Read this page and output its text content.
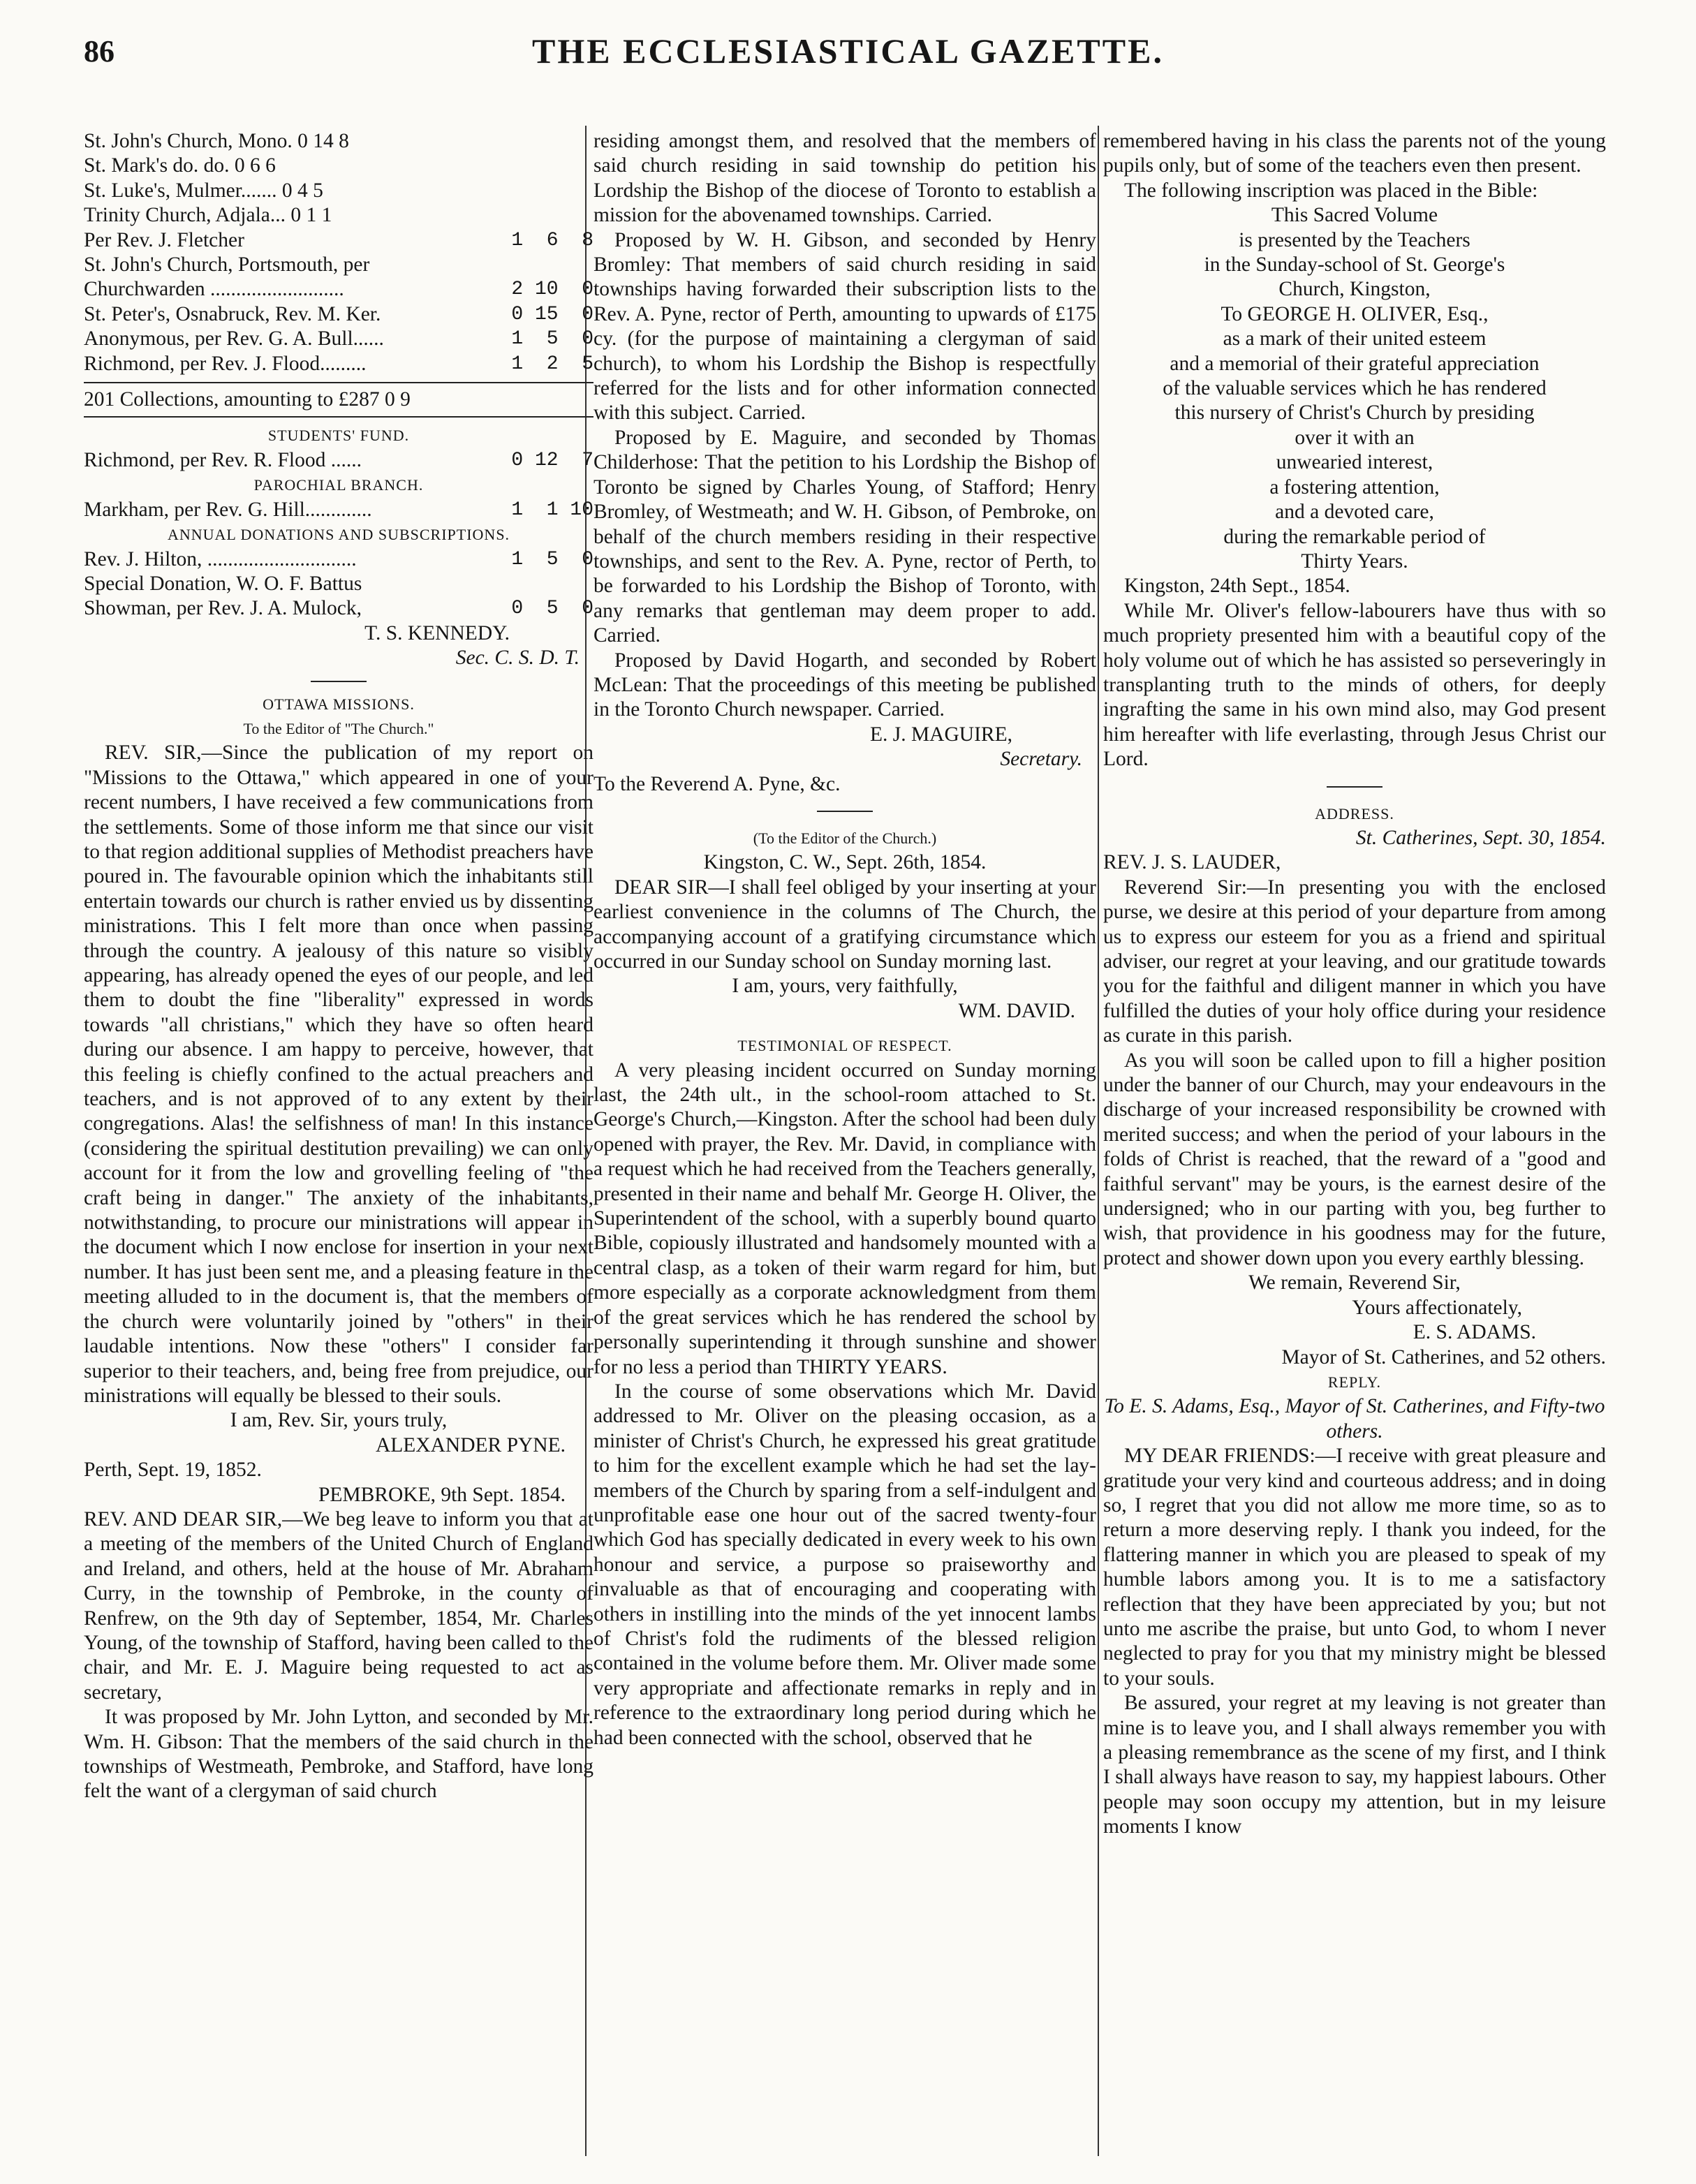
86	THE ECCLESIASTICAL GAZETTE.
St. John's Church, Mono. 0 14 8
St. Mark's do. do. 0 6 6
St. Luke's, Mulmer....... 0 4 5
Trinity Church, Adjala... 0 1 1
Per Rev. J. Fletcher	1  6  8
St. John's Church, Portsmouth, per
Churchwarden ..........................	2 10  0
St. Peter's, Osnabruck, Rev. M. Ker.	0 15  0
Anonymous, per Rev. G. A. Bull......	1  5  0
Richmond, per Rev. J. Flood.........	1  2  5

201 Collections, amounting to £287 0 9

STUDENTS' FUND.
Richmond, per Rev. R. Flood ......	0 12  7
PAROCHIAL BRANCH.
Markham, per Rev. G. Hill.............	1  1 10
ANNUAL DONATIONS AND SUBSCRIPTIONS.
Rev. J. Hilton, .............................	1  5  0
Special Donation, W. O. F. Battus
Showman, per Rev. J. A. Mulock,	0  5  0

T. S. KENNEDY.

Sec. C. S. D. T.

OTTAWA MISSIONS.
To the Editor of "The Church."

REV. SIR,—Since the publication of my report on "Missions to the Ottawa," which appeared in one of your recent numbers, I have received a few communications from the settlements. Some of those inform me that since our visit to that region additional supplies of Methodist preachers have poured in. The favourable opinion which the inhabitants still entertain towards our church is rather envied us by dissenting ministrations. This I felt more than once when passing through the country. A jealousy of this nature so visibly appearing, has already opened the eyes of our people, and led them to doubt the fine "liberality" expressed in words towards "all christians," which they have so often heard during our absence. I am happy to perceive, however, that this feeling is chiefly confined to the actual preachers and teachers, and is not approved of to any extent by their congregations. Alas! the selfishness of man! In this instance (considering the spiritual destitution prevailing) we can only account for it from the low and grovelling feeling of "the craft being in danger." The anxiety of the inhabitants, notwithstanding, to procure our ministrations will appear in the document which I now enclose for insertion in your next number. It has just been sent me, and a pleasing feature in the meeting alluded to in the document is, that the members of the church were voluntarily joined by "others" in their laudable intentions. Now these "others" I consider far superior to their teachers, and, being free from prejudice, our ministrations will equally be blessed to their souls.

I am, Rev. Sir, yours truly,

ALEXANDER PYNE.

Perth, Sept. 19, 1852.

PEMBROKE, 9th Sept. 1854.

REV. AND DEAR SIR,—We beg leave to inform you that at a meeting of the members of the United Church of England and Ireland, and others, held at the house of Mr. Abraham Curry, in the township of Pembroke, in the county of Renfrew, on the 9th day of September, 1854, Mr. Charles Young, of the township of Stafford, having been called to the chair, and Mr. E. J. Maguire being requested to act as secretary,

It was proposed by Mr. John Lytton, and seconded by Mr. Wm. H. Gibson: That the members of the said church in the townships of Westmeath, Pembroke, and Stafford, have long felt the want of a clergyman of said church

residing amongst them, and resolved that the members of said church residing in said township do petition his Lordship the Bishop of the diocese of Toronto to establish a mission for the abovenamed townships. Carried.

Proposed by W. H. Gibson, and seconded by Henry Bromley: That members of said church residing in said townships having forwarded their subscription lists to the Rev. A. Pyne, rector of Perth, amounting to upwards of £175 cy. (for the purpose of maintaining a clergyman of said church), to whom his Lordship the Bishop is respectfully referred for the lists and for other information connected with this subject. Carried.

Proposed by E. Maguire, and seconded by Thomas Childerhose: That the petition to his Lordship the Bishop of Toronto be signed by Charles Young, of Stafford; Henry Bromley, of Westmeath; and W. H. Gibson, of Pembroke, on behalf of the church members residing in their respective townships, and sent to the Rev. A. Pyne, rector of Perth, to be forwarded to his Lordship the Bishop of Toronto, with any remarks that gentleman may deem proper to add. Carried.

Proposed by David Hogarth, and seconded by Robert McLean: That the proceedings of this meeting be published in the Toronto Church newspaper. Carried.

E. J. MAGUIRE,

Secretary.

To the Reverend A. Pyne, &c.

(To the Editor of the Church.)

Kingston, C. W., Sept. 26th, 1854.

DEAR SIR—I shall feel obliged by your inserting at your earliest convenience in the columns of The Church, the accompanying account of a gratifying circumstance which occurred in our Sunday school on Sunday morning last.

I am, yours, very faithfully,

WM. DAVID.

TESTIMONIAL OF RESPECT.

A very pleasing incident occurred on Sunday morning last, the 24th ult., in the school-room attached to St. George's Church,—Kingston. After the school had been duly opened with prayer, the Rev. Mr. David, in compliance with a request which he had received from the Teachers generally, presented in their name and behalf Mr. George H. Oliver, the Superintendent of the school, with a superbly bound quarto Bible, copiously illustrated and handsomely mounted with a central clasp, as a token of their warm regard for him, but more especially as a corporate acknowledgment from them of the great services which he has rendered the school by personally superintending it through sunshine and shower for no less a period than THIRTY YEARS.

In the course of some observations which Mr. David addressed to Mr. Oliver on the pleasing occasion, as a minister of Christ's Church, he expressed his great gratitude to him for the excellent example which he had set the lay-members of the Church by sparing from a self-indulgent and unprofitable ease one hour out of the sacred twenty-four which God has specially dedicated in every week to his own honour and service, a purpose so praiseworthy and invaluable as that of encouraging and cooperating with others in instilling into the minds of the yet innocent lambs of Christ's fold the rudiments of the blessed religion contained in the volume before them. Mr. Oliver made some very appropriate and affectionate remarks in reply and in reference to the extraordinary long period during which he had been connected with the school, observed that he

remembered having in his class the parents not of the young pupils only, but of some of the teachers even then present.

The following inscription was placed in the Bible:

This Sacred Volume

is presented by the Teachers

in the Sunday-school of St. George's

Church, Kingston,

To GEORGE H. OLIVER, Esq.,

as a mark of their united esteem

and a memorial of their grateful appreciation

of the valuable services which he has rendered

this nursery of Christ's Church by presiding

over it with an

unwearied interest,

a fostering attention,

and a devoted care,

during the remarkable period of

Thirty Years.

Kingston, 24th Sept., 1854.

While Mr. Oliver's fellow-labourers have thus with so much propriety presented him with a beautiful copy of the holy volume out of which he has assisted so perseveringly in transplanting truth to the minds of others, for deeply ingrafting the same in his own mind also, may God present him hereafter with life everlasting, through Jesus Christ our Lord.

ADDRESS.

St. Catherines, Sept. 30, 1854.

REV. J. S. LAUDER,

Reverend Sir:—In presenting you with the enclosed purse, we desire at this period of your departure from among us to express our esteem for you as a friend and spiritual adviser, our regret at your leaving, and our gratitude towards you for the faithful and diligent manner in which you have fulfilled the duties of your holy office during your residence as curate in this parish.

As you will soon be called upon to fill a higher position under the banner of our Church, may your endeavours in the discharge of your increased responsibility be crowned with merited success; and when the period of your labours in the folds of Christ is reached, that the reward of a "good and faithful servant" may be yours, is the earnest desire of the undersigned; who in our parting with you, beg further to wish, that providence in his goodness may for the future, protect and shower down upon you every earthly blessing.

We remain, Reverend Sir,

Yours affectionately,

E. S. ADAMS.

Mayor of St. Catherines, and 52 others.

REPLY.

To E. S. Adams, Esq., Mayor of St. Catherines, and Fifty-two others.

MY DEAR FRIENDS:—I receive with great pleasure and gratitude your very kind and courteous address; and in doing so, I regret that you did not allow me more time, so as to return a more deserving reply. I thank you indeed, for the flattering manner in which you are pleased to speak of my humble labors among you. It is to me a satisfactory reflection that they have been appreciated by you; but not unto me ascribe the praise, but unto God, to whom I never neglected to pray for you that my ministry might be blessed to your souls.

Be assured, your regret at my leaving is not greater than mine is to leave you, and I shall always remember you with a pleasing remembrance as the scene of my first, and I think I shall always have reason to say, my happiest labours. Other people may soon occupy my attention, but in my leisure moments I know
